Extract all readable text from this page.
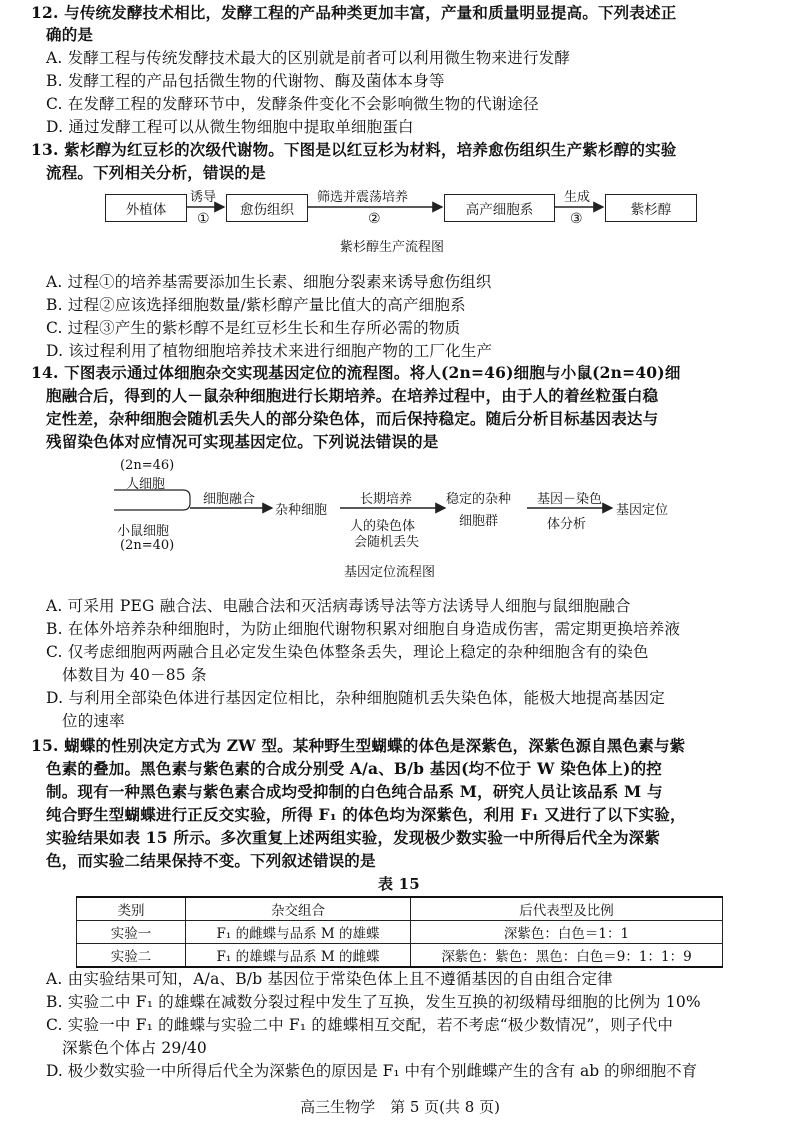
12. 与传统发酵技术相比，发酵工程的产品种类更加丰富，产量和质量明显提高。下列表述正
确的是
A. 发酵工程与传统发酵技术最大的区别就是前者可以利用微生物来进行发酵
B. 发酵工程的产品包括微生物的代谢物、酶及菌体本身等
C. 在发酵工程的发酵环节中，发酵条件变化不会影响微生物的代谢途径
D. 通过发酵工程可以从微生物细胞中提取单细胞蛋白
13. 紫杉醇为红豆杉的次级代谢物。下图是以红豆杉为材料，培养愈伤组织生产紫杉醇的实验
流程。下列相关分析，错误的是
外植体	愈伤组织	高产细胞系	紫杉醇
诱导
①
筛选并震荡培养
②
生成
③
紫杉醇生产流程图
A. 过程①的培养基需要添加生长素、细胞分裂素来诱导愈伤组织
B. 过程②应该选择细胞数量/紫杉醇产量比值大的高产细胞系
C. 过程③产生的紫杉醇不是红豆杉生长和生存所必需的物质
D. 该过程利用了植物细胞培养技术来进行细胞产物的工厂化生产
14. 下图表示通过体细胞杂交实现基因定位的流程图。将人(2n=46)细胞与小鼠(2n=40)细
胞融合后，得到的人－鼠杂种细胞进行长期培养。在培养过程中，由于人的着丝粒蛋白稳
定性差，杂种细胞会随机丢失人的部分染色体，而后保持稳定。随后分析目标基因表达与
残留染色体对应情况可实现基因定位。下列说法错误的是
(2n=46)
人细胞
小鼠细胞
(2n=40)
细胞融合
杂种细胞
长期培养
人的染色体
会随机丢失
稳定的杂种
细胞群
基因－染色
体分析
基因定位
基因定位流程图
A. 可采用 PEG 融合法、电融合法和灭活病毒诱导法等方法诱导人细胞与鼠细胞融合
B. 在体外培养杂种细胞时，为防止细胞代谢物积累对细胞自身造成伤害，需定期更换培养液
C. 仅考虑细胞两两融合且必定发生染色体整条丢失，理论上稳定的杂种细胞含有的染色
体数目为 40－85 条
D. 与利用全部染色体进行基因定位相比，杂种细胞随机丢失染色体，能极大地提高基因定
位的速率
15. 蝴蝶的性别决定方式为 ZW 型。某种野生型蝴蝶的体色是深紫色，深紫色源自黑色素与紫
色素的叠加。黑色素与紫色素的合成分别受 A/a、B/b 基因(均不位于 W 染色体上)的控
制。现有一种黑色素与紫色素合成均受抑制的白色纯合品系 M，研究人员让该品系 M 与
纯合野生型蝴蝶进行正反交实验，所得 F₁ 的体色均为深紫色，利用 F₁ 又进行了以下实验，
实验结果如表 15 所示。多次重复上述两组实验，发现极少数实验一中所得后代全为深紫
色，而实验二结果保持不变。下列叙述错误的是
表 15
类别	杂交组合	后代表型及比例
实验一	F₁ 的雌蝶与品系 M 的雄蝶	深紫色：白色＝1：1
实验二	F₁ 的雄蝶与品系 M 的雌蝶	深紫色：紫色：黑色：白色＝9：1：1：9
A. 由实验结果可知，A/a、B/b 基因位于常染色体上且不遵循基因的自由组合定律
B. 实验二中 F₁ 的雄蝶在减数分裂过程中发生了互换，发生互换的初级精母细胞的比例为 10%
C. 实验一中 F₁ 的雌蝶与实验二中 F₁ 的雄蝶相互交配，若不考虑“极少数情况”，则子代中
深紫色个体占 29/40
D. 极少数实验一中所得后代全为深紫色的原因是 F₁ 中有个别雌蝶产生的含有 ab 的卵细胞不育
高三生物学　第 5 页(共 8 页)
